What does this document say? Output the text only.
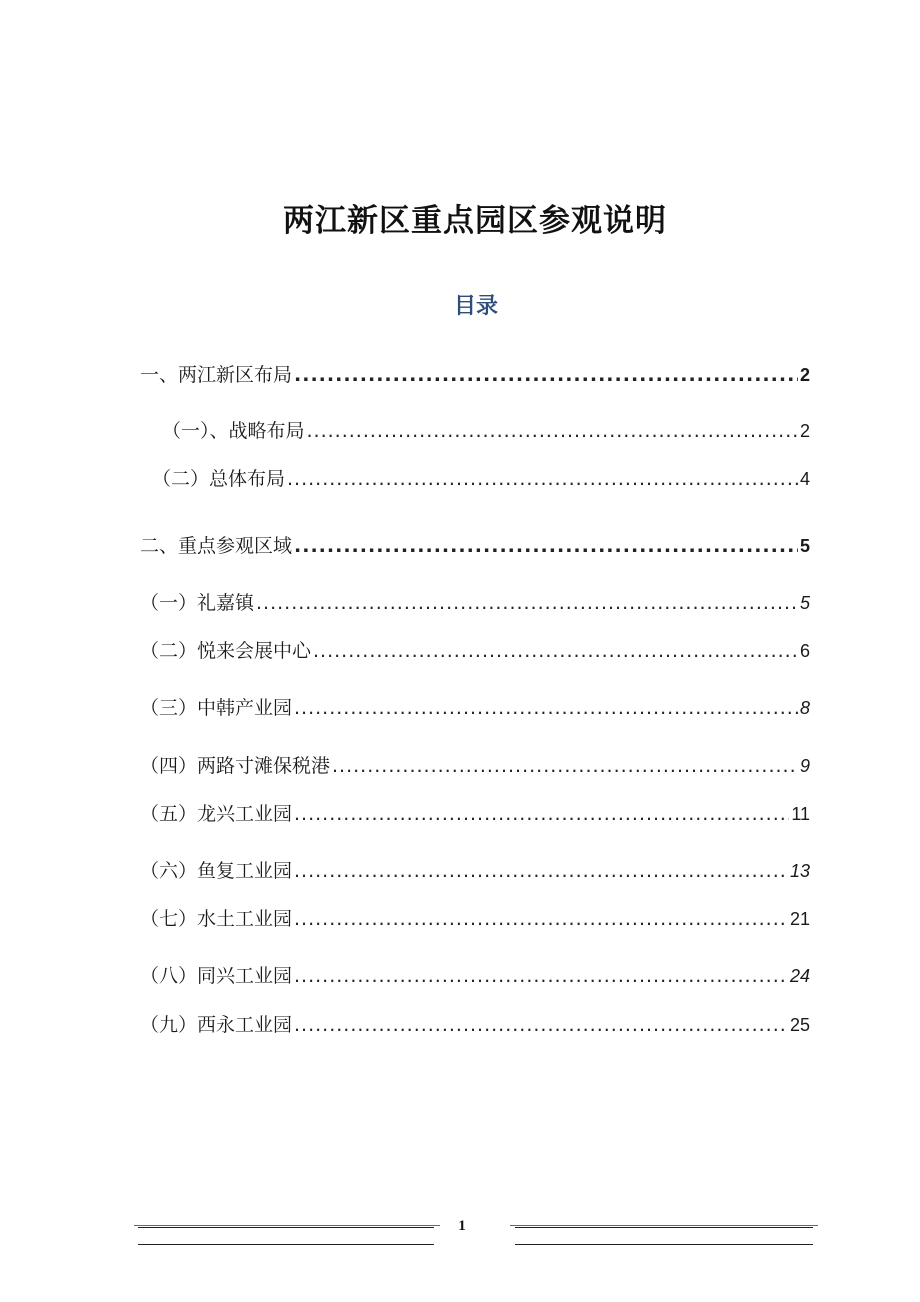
两江新区重点园区参观说明
目录
一、两江新区布局 .....	2
（一）、战略布局 .....	2
（二）总体布局 .....	4
二、重点参观区域 .....	5
（一）礼嘉镇 .....	5
（二）悦来会展中心 .....	6
（三）中韩产业园 .....	8
（四）两路寸滩保税港 .....	9
（五）龙兴工业园 .....	11
（六）鱼复工业园 .....	13
（七）水土工业园 .....	21
（八）同兴工业园 .....	24
（九）西永工业园 .....	25
1
